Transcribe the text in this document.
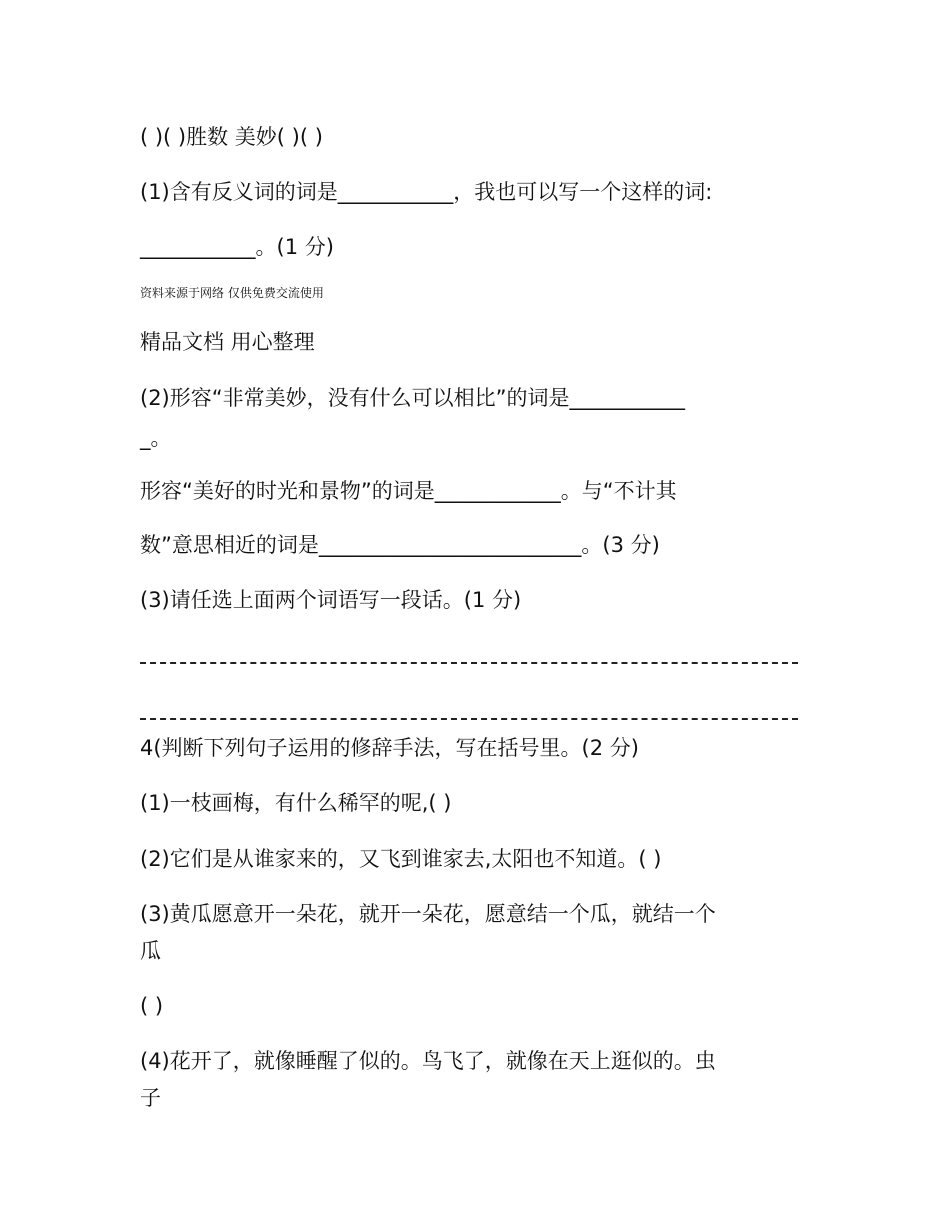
( )( )胜数 美妙( )( )

(1)含有反义词的词是___________，我也可以写一个这样的词:

___________。(1 分)

资料来源于网络 仅供免费交流使用

精品文档 用心整理

(2)形容“非常美妙，没有什么可以相比”的词是___________

_。

形容“美好的时光和景物”的词是____________。与“不计其

数”意思相近的词是_________________________。(3 分)

(3)请任选上面两个词语写一段话。(1 分)

4(判断下列句子运用的修辞手法，写在括号里。(2 分)

(1)一枝画梅，有什么稀罕的呢,( )

(2)它们是从谁家来的，又飞到谁家去,太阳也不知道。( )

(3)黄瓜愿意开一朵花，就开一朵花，愿意结一个瓜，就结一个

瓜

( )

(4)花开了，就像睡醒了似的。鸟飞了，就像在天上逛似的。虫

子
